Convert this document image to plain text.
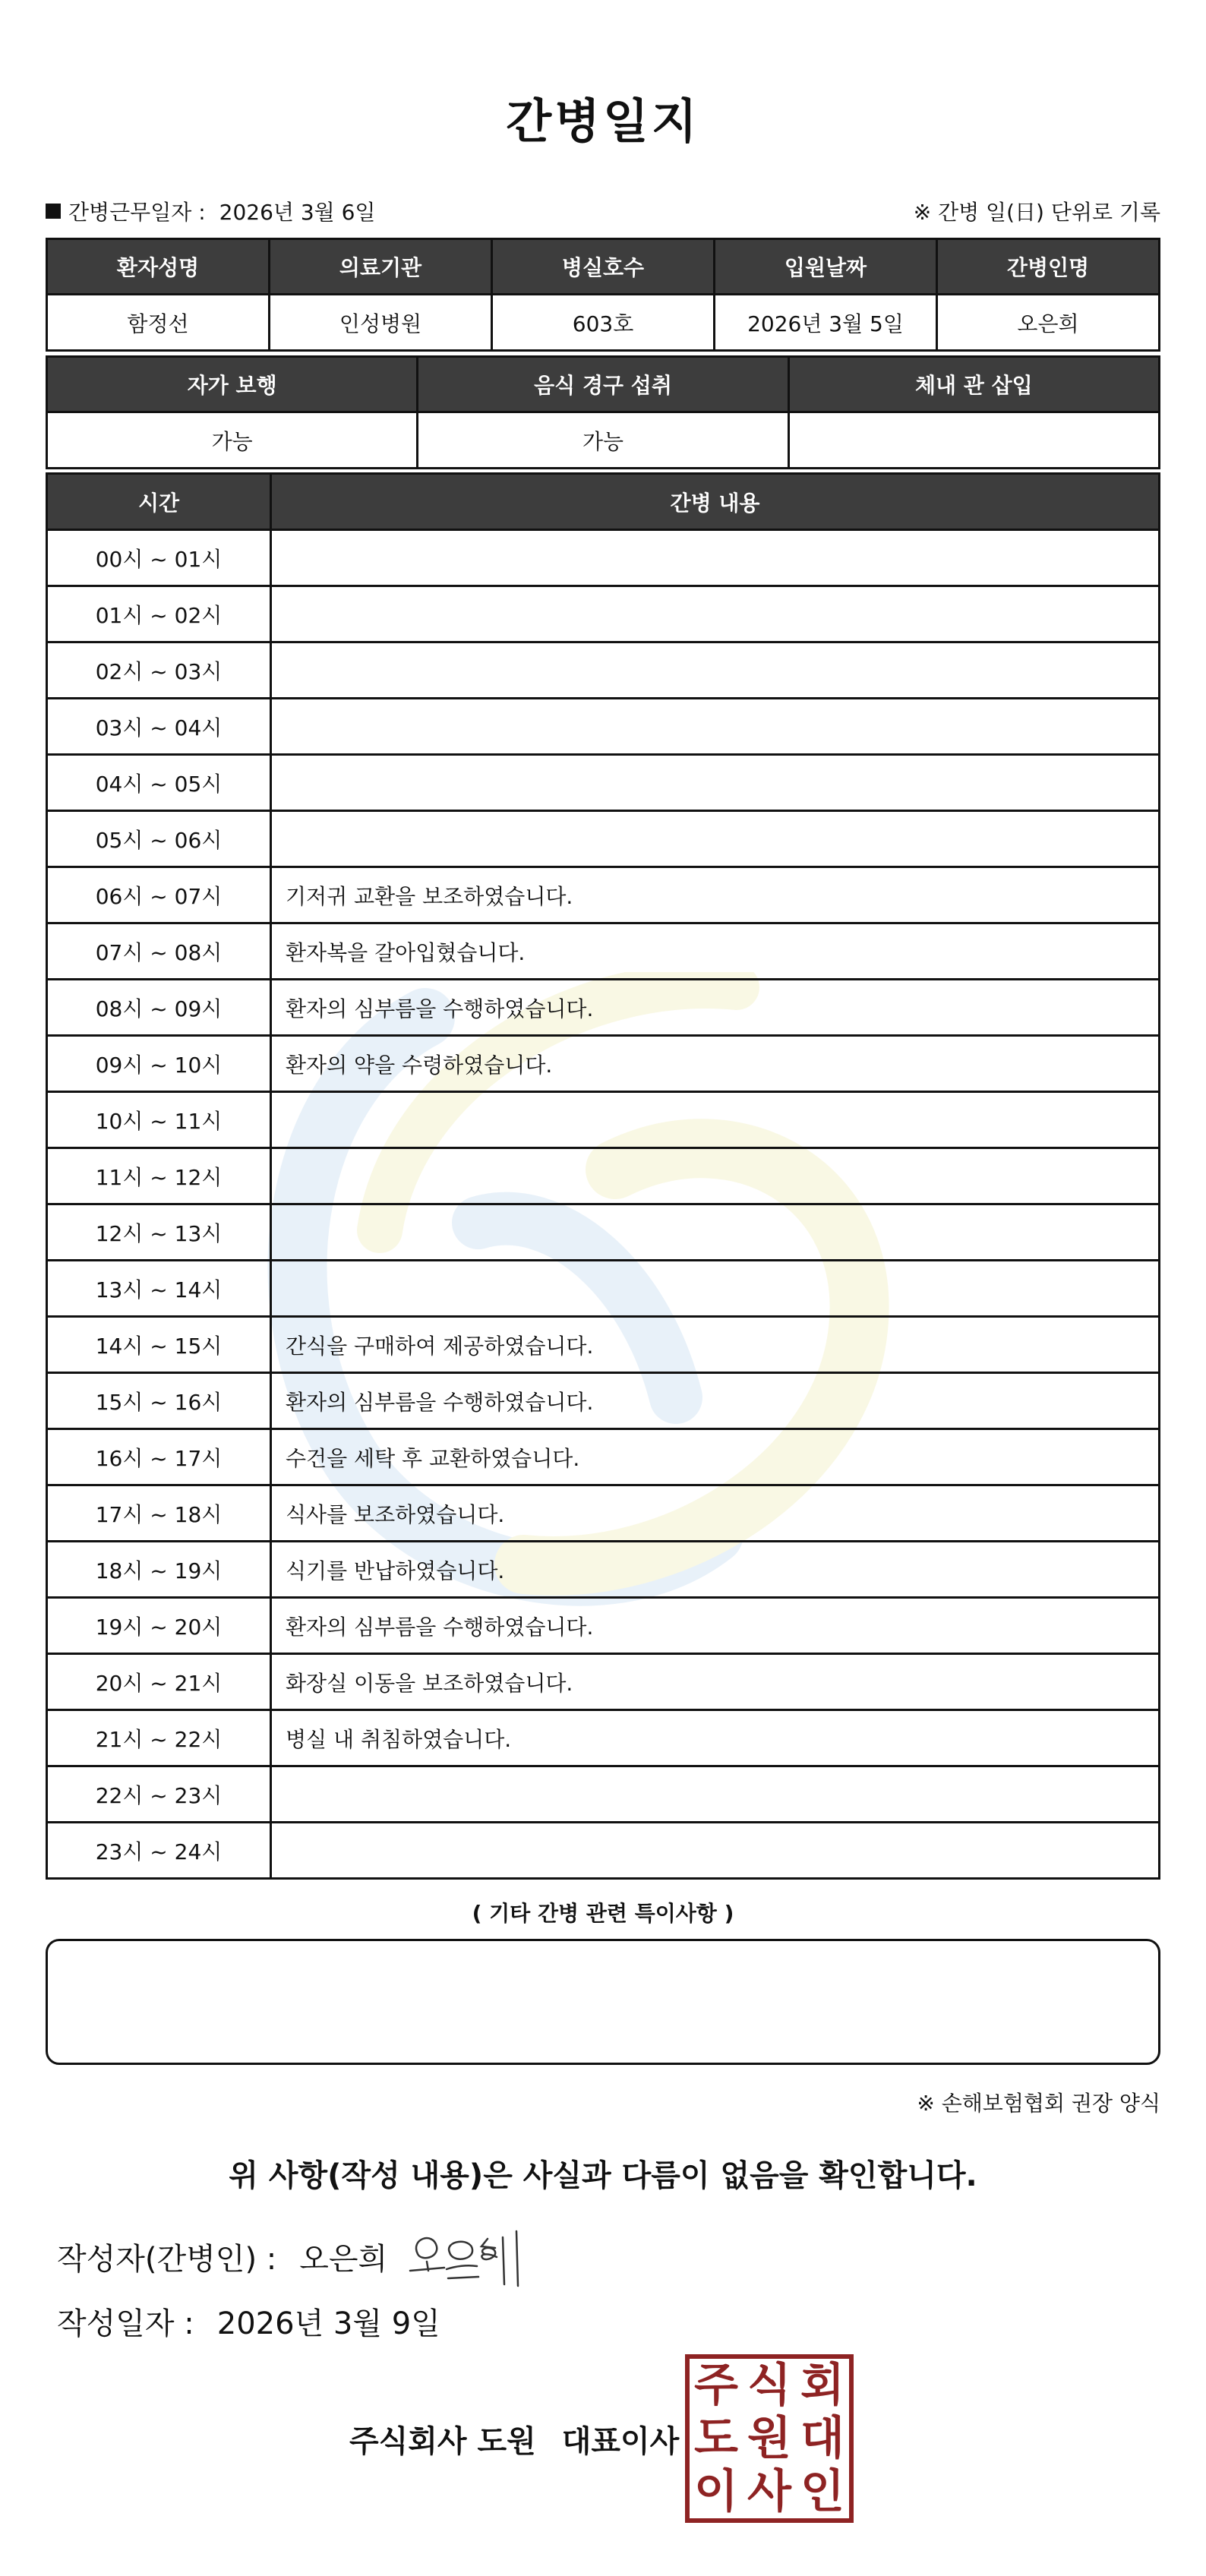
간병일지
간병근무일자 : 2026년 3월 6일	※ 간병 일(日) 단위로 기록
환자성명	의료기관	병실호수	입원날짜	간병인명
함정선	인성병원	603호	2026년 3월 5일	오은희
자가 보행	음식 경구 섭취	체내 관 삽입
가능	가능	
시간	간병 내용
00시 ~ 01시	
01시 ~ 02시	
02시 ~ 03시	
03시 ~ 04시	
04시 ~ 05시	
05시 ~ 06시	
06시 ~ 07시	기저귀 교환을 보조하였습니다.
07시 ~ 08시	환자복을 갈아입혔습니다.
08시 ~ 09시	환자의 심부름을 수행하였습니다.
09시 ~ 10시	환자의 약을 수령하였습니다.
10시 ~ 11시	
11시 ~ 12시	
12시 ~ 13시	
13시 ~ 14시	
14시 ~ 15시	간식을 구매하여 제공하였습니다.
15시 ~ 16시	환자의 심부름을 수행하였습니다.
16시 ~ 17시	수건을 세탁 후 교환하였습니다.
17시 ~ 18시	식사를 보조하였습니다.
18시 ~ 19시	식기를 반납하였습니다.
19시 ~ 20시	환자의 심부름을 수행하였습니다.
20시 ~ 21시	화장실 이동을 보조하였습니다.
21시 ~ 22시	병실 내 취침하였습니다.
22시 ~ 23시	
23시 ~ 24시	
( 기타 간병 관련 특이사항 )
※ 손해보험협회 권장 양식
위 사항(작성 내용)은 사실과 다름이 없음을 확인합니다.
작성자(간병인) : 오은희
작성일자 : 2026년 3월 9일
주식회사 도원 대표이사
주 식 회
도 원 대
이 사 인
